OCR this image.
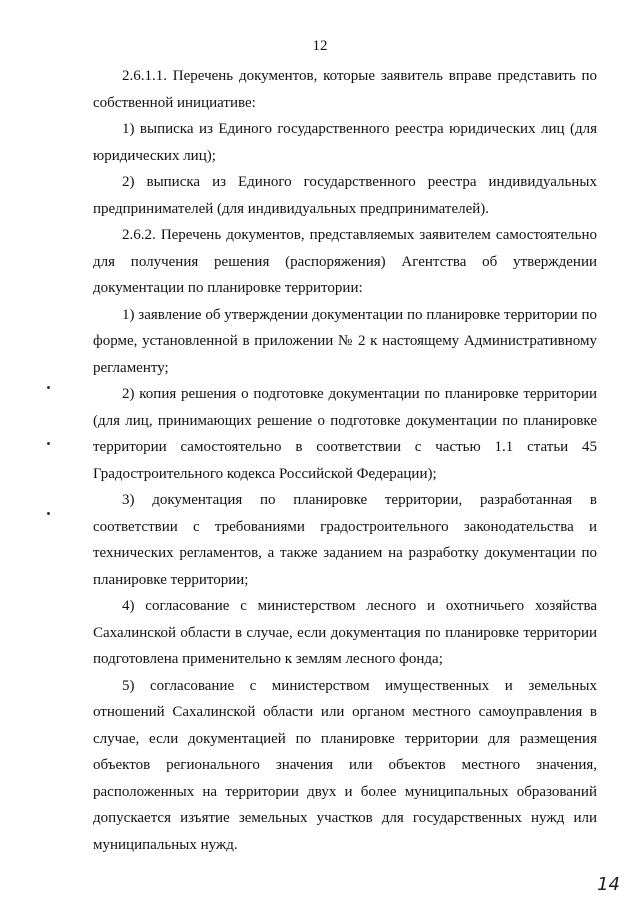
12

2.6.1.1. Перечень документов, которые заявитель вправе представить по собственной инициативе:

1) выписка из Единого государственного реестра юридических лиц (для юридических лиц);

2) выписка из Единого государственного реестра индивидуальных предпринимателей (для индивидуальных предпринимателей).

2.6.2. Перечень документов, представляемых заявителем самостоятельно для получения решения (распоряжения) Агентства об утверждении документации по планировке территории:

1) заявление об утверждении документации по планировке территории по форме, установленной в приложении № 2 к настоящему Административному регламенту;

2) копия решения о подготовке документации по планировке территории (для лиц, принимающих решение о подготовке документации по планировке территории самостоятельно в соответствии с частью 1.1 статьи 45 Градостроительного кодекса Российской Федерации);

3) документация по планировке территории, разработанная в соответствии с требованиями градостроительного законодательства и технических регламентов, а также заданием на разработку документации по планировке территории;

4) согласование с министерством лесного и охотничьего хозяйства Сахалинской области в случае, если документация по планировке территории подготовлена применительно к землям лесного фонда;

5) согласование с министерством имущественных и земельных отношений Сахалинской области или органом местного самоуправления в случае, если документацией по планировке территории для размещения объектов регионального значения или объектов местного значения, расположенных на территории двух и более муниципальных образований допускается изъятие земельных участков для государственных нужд или муниципальных нужд.

14
